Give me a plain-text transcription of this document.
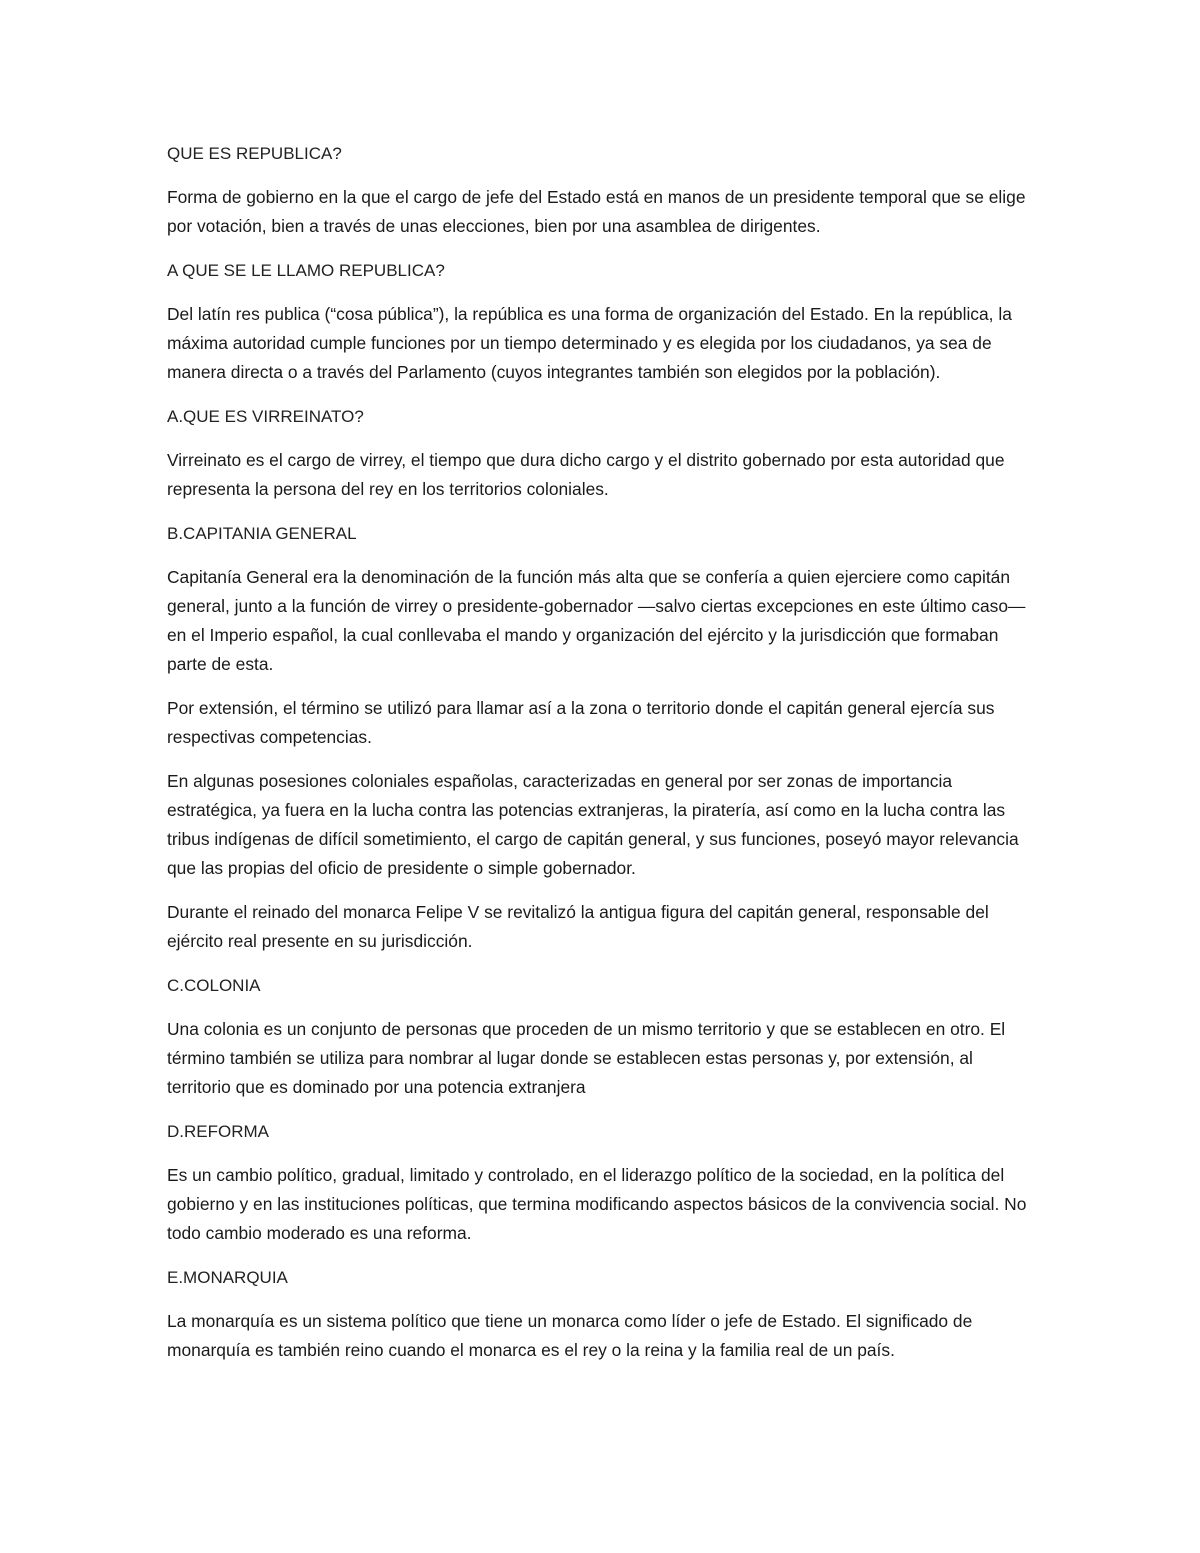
QUE ES REPUBLICA?

Forma de gobierno en la que el cargo de jefe del Estado está en manos de un presidente temporal que se elige por votación, bien a través de unas elecciones, bien por una asamblea de dirigentes.

A QUE SE LE LLAMO REPUBLICA?

Del latín res publica (“cosa pública”), la república es una forma de organización del Estado. En la república, la máxima autoridad cumple funciones por un tiempo determinado y es elegida por los ciudadanos, ya sea de manera directa o a través del Parlamento (cuyos integrantes también son elegidos por la población).

A.QUE ES VIRREINATO?

Virreinato es el cargo de virrey, el tiempo que dura dicho cargo y el distrito gobernado por esta autoridad que representa la persona del rey en los territorios coloniales.

B.CAPITANIA GENERAL

Capitanía General era la denominación de la función más alta que se confería a quien ejerciere como capitán general, junto a la función de virrey o presidente-gobernador —salvo ciertas excepciones en este último caso— en el Imperio español, la cual conllevaba el mando y organización del ejército y la jurisdicción que formaban parte de esta.

Por extensión, el término se utilizó para llamar así a la zona o territorio donde el capitán general ejercía sus respectivas competencias.

En algunas posesiones coloniales españolas, caracterizadas en general por ser zonas de importancia estratégica, ya fuera en la lucha contra las potencias extranjeras, la piratería, así como en la lucha contra las tribus indígenas de difícil sometimiento, el cargo de capitán general, y sus funciones, poseyó mayor relevancia que las propias del oficio de presidente o simple gobernador.

Durante el reinado del monarca Felipe V se revitalizó la antigua figura del capitán general, responsable del ejército real presente en su jurisdicción.

C.COLONIA

Una colonia es un conjunto de personas que proceden de un mismo territorio y que se establecen en otro. El término también se utiliza para nombrar al lugar donde se establecen estas personas y, por extensión, al territorio que es dominado por una potencia extranjera

D.REFORMA

Es un cambio político, gradual, limitado y controlado, en el liderazgo político de la sociedad, en la política del gobierno y en las instituciones políticas, que termina modificando aspectos básicos de la convivencia social. No todo cambio moderado es una reforma.

E.MONARQUIA

La monarquía es un sistema político que tiene un monarca como líder o jefe de Estado. El significado de monarquía es también reino cuando el monarca es el rey o la reina y la familia real de un país.
